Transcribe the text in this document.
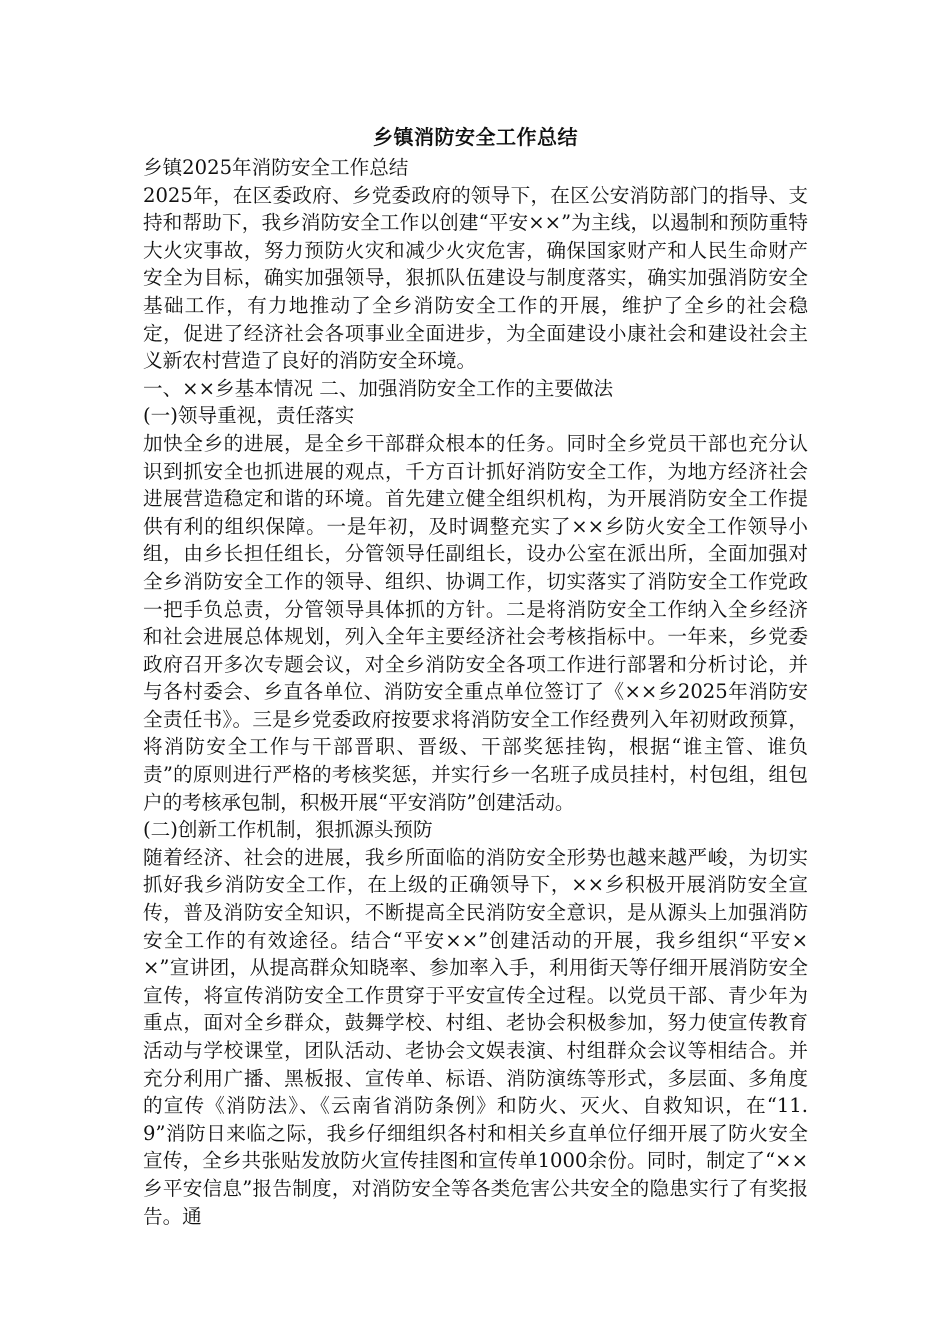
乡镇消防安全工作总结

乡镇2025年消防安全工作总结

2025年，在区委政府、乡党委政府的领导下，在区公安消防部门的指导、支持和帮助下，我乡消防安全工作以创建“平安××”为主线，以遏制和预防重特大火灾事故，努力预防火灾和减少火灾危害，确保国家财产和人民生命财产安全为目标，确实加强领导，狠抓队伍建设与制度落实，确实加强消防安全基础工作，有力地推动了全乡消防安全工作的开展，维护了全乡的社会稳定，促进了经济社会各项事业全面进步，为全面建设小康社会和建设社会主义新农村营造了良好的消防安全环境。

一、××乡基本情况 二、加强消防安全工作的主要做法

(一)领导重视，责任落实

加快全乡的进展，是全乡干部群众根本的任务。同时全乡党员干部也充分认识到抓安全也抓进展的观点，千方百计抓好消防安全工作，为地方经济社会进展营造稳定和谐的环境。首先建立健全组织机构，为开展消防安全工作提供有利的组织保障。一是年初，及时调整充实了××乡防火安全工作领导小组，由乡长担任组长，分管领导任副组长，设办公室在派出所，全面加强对全乡消防安全工作的领导、组织、协调工作，切实落实了消防安全工作党政一把手负总责，分管领导具体抓的方针。二是将消防安全工作纳入全乡经济和社会进展总体规划，列入全年主要经济社会考核指标中。一年来，乡党委政府召开多次专题会议，对全乡消防安全各项工作进行部署和分析讨论，并与各村委会、乡直各单位、消防安全重点单位签订了《××乡2025年消防安全责任书》。三是乡党委政府按要求将消防安全工作经费列入年初财政预算，将消防安全工作与干部晋职、晋级、干部奖惩挂钩，根据“谁主管、谁负责”的原则进行严格的考核奖惩，并实行乡一名班子成员挂村，村包组，组包户的考核承包制，积极开展“平安消防”创建活动。

(二)创新工作机制，狠抓源头预防

随着经济、社会的进展，我乡所面临的消防安全形势也越来越严峻，为切实抓好我乡消防安全工作，在上级的正确领导下，××乡积极开展消防安全宣传，普及消防安全知识，不断提高全民消防安全意识，是从源头上加强消防安全工作的有效途径。结合“平安××”创建活动的开展，我乡组织“平安××”宣讲团，从提高群众知晓率、参加率入手，利用街天等仔细开展消防安全宣传，将宣传消防安全工作贯穿于平安宣传全过程。以党员干部、青少年为重点，面对全乡群众，鼓舞学校、村组、老协会积极参加，努力使宣传教育活动与学校课堂，团队活动、老协会文娱表演、村组群众会议等相结合。并充分利用广播、黑板报、宣传单、标语、消防演练等形式，多层面、多角度的宣传《消防法》、《云南省消防条例》和防火、灭火、自救知识，在“11.9”消防日来临之际，我乡仔细组织各村和相关乡直单位仔细开展了防火安全宣传，全乡共张贴发放防火宣传挂图和宣传单1000余份。同时，制定了“××乡平安信息”报告制度，对消防安全等各类危害公共安全的隐患实行了有奖报告。通
